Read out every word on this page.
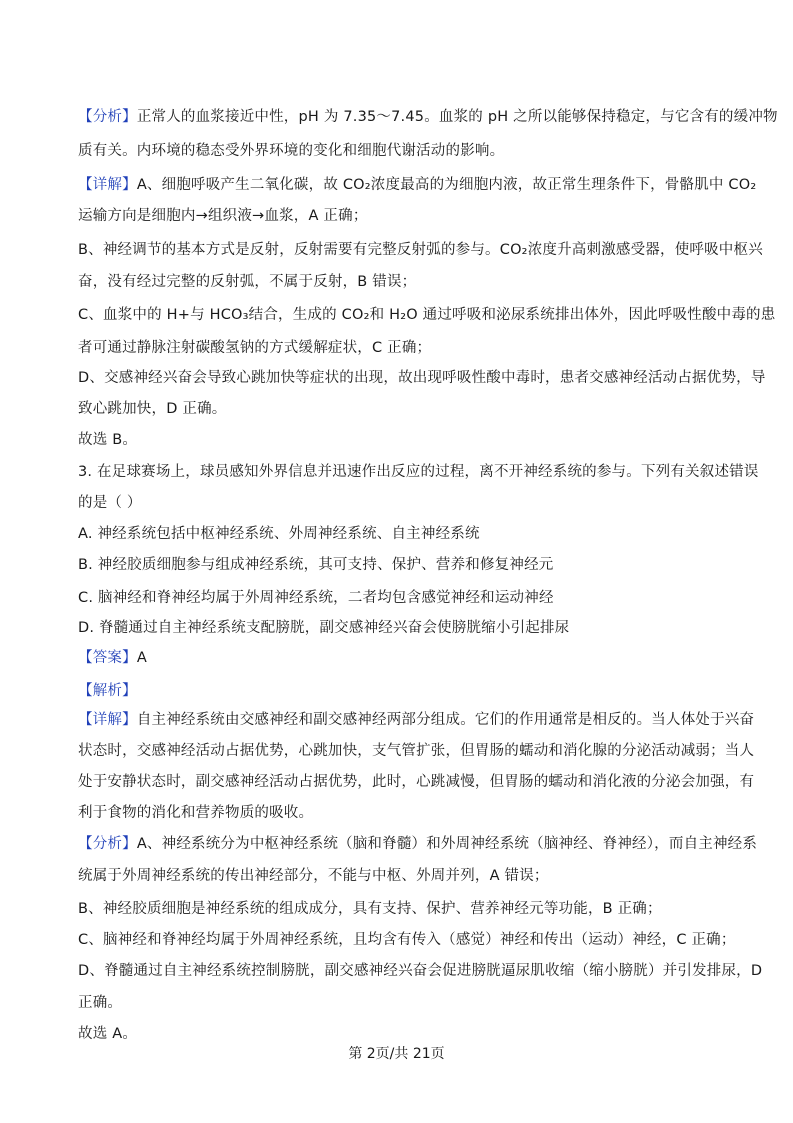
【分析】正常人的血浆接近中性，pH 为 7.35～7.45。血浆的 pH 之所以能够保持稳定，与它含有的缓冲物
质有关。内环境的稳态受外界环境的变化和细胞代谢活动的影响。
【详解】A、细胞呼吸产生二氧化碳，故 CO₂浓度最高的为细胞内液，故正常生理条件下，骨骼肌中 CO₂
运输方向是细胞内→组织液→血浆，A 正确；
B、神经调节的基本方式是反射，反射需要有完整反射弧的参与。CO₂浓度升高刺激感受器，使呼吸中枢兴
奋，没有经过完整的反射弧，不属于反射，B 错误；
C、血浆中的 H+与 HCO₃结合，生成的 CO₂和 H₂O 通过呼吸和泌尿系统排出体外，因此呼吸性酸中毒的患
者可通过静脉注射碳酸氢钠的方式缓解症状，C 正确；
D、交感神经兴奋会导致心跳加快等症状的出现，故出现呼吸性酸中毒时，患者交感神经活动占据优势，导
致心跳加快，D 正确。
故选 B。
3. 在足球赛场上，球员感知外界信息并迅速作出反应的过程，离不开神经系统的参与。下列有关叙述错误
的是（ ）
A. 神经系统包括中枢神经系统、外周神经系统、自主神经系统
B. 神经胶质细胞参与组成神经系统，其可支持、保护、营养和修复神经元
C. 脑神经和脊神经均属于外周神经系统，二者均包含感觉神经和运动神经
D. 脊髓通过自主神经系统支配膀胱，副交感神经兴奋会使膀胱缩小引起排尿
【答案】A
【解析】
【详解】自主神经系统由交感神经和副交感神经两部分组成。它们的作用通常是相反的。当人体处于兴奋
状态时，交感神经活动占据优势，心跳加快，支气管扩张，但胃肠的蠕动和消化腺的分泌活动减弱；当人
处于安静状态时，副交感神经活动占据优势，此时，心跳减慢，但胃肠的蠕动和消化液的分泌会加强，有
利于食物的消化和营养物质的吸收。
【分析】A、神经系统分为中枢神经系统（脑和脊髓）和外周神经系统（脑神经、脊神经），而自主神经系
统属于外周神经系统的传出神经部分，不能与中枢、外周并列，A 错误；
B、神经胶质细胞是神经系统的组成成分，具有支持、保护、营养神经元等功能，B 正确；
C、脑神经和脊神经均属于外周神经系统，且均含有传入（感觉）神经和传出（运动）神经，C 正确；
D、脊髓通过自主神经系统控制膀胱，副交感神经兴奋会促进膀胱逼尿肌收缩（缩小膀胱）并引发排尿，D
正确。
故选 A。
第 2页/共 21页
